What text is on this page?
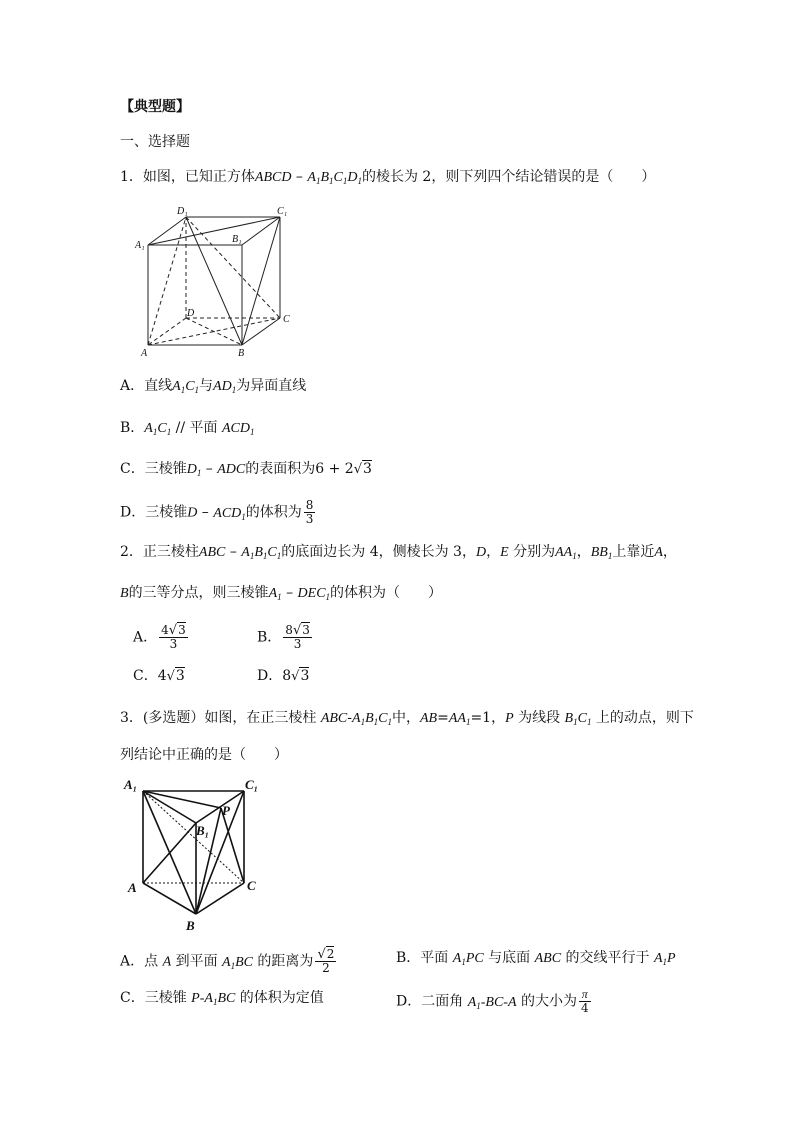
【典型题】
一、选择题
1．如图，已知正方体ABCD – $A_1B_1C_1D_1$的棱长为 2，则下列四个结论错误的是（　　）
D₁	C₁
A₁
B₁
D
C
A	B
A．直线$A_1C_1$与$AD_1$为异面直线
B．$A_1C_1$ // 平面 $ACD_1$
C．三棱锥$D_1$ – ADC的表面积为6 + 2√3
D．三棱锥D – $ACD_1$的体积为 $\frac{8}{3}$
2．正三棱柱ABC – $A_1B_1C_1$的底面边长为 4，侧棱长为 3，D，E 分别为$AA_1$，$BB_1$上靠近A，
B的三等分点，则三棱锥$A_1 - DEC_1$的体积为（　　）
A． $\frac{4√3}{3}$	B． $\frac{8√3}{3}$
C．4√3	D．8√3
3．(多选题）如图，在正三棱柱 ABC-$A_1B_1C_1$中，$AB=AA_1=1$，P 为线段 $B_1C_1$ 上的动点，则下
列结论中正确的是（　　）
A₁	C₁
P
B₁
A	C
B
A．点 A 到平面 $A_1BC$ 的距离为 $\frac{√2}{2}$	B．平面 $A_1PC$ 与底面 ABC 的交线平行于 $A_1P$
C．三棱锥 $P-A_1BC$ 的体积为定值	D．二面角 $A_1-BC-A$ 的大小为 $\frac{\pi}{4}$
